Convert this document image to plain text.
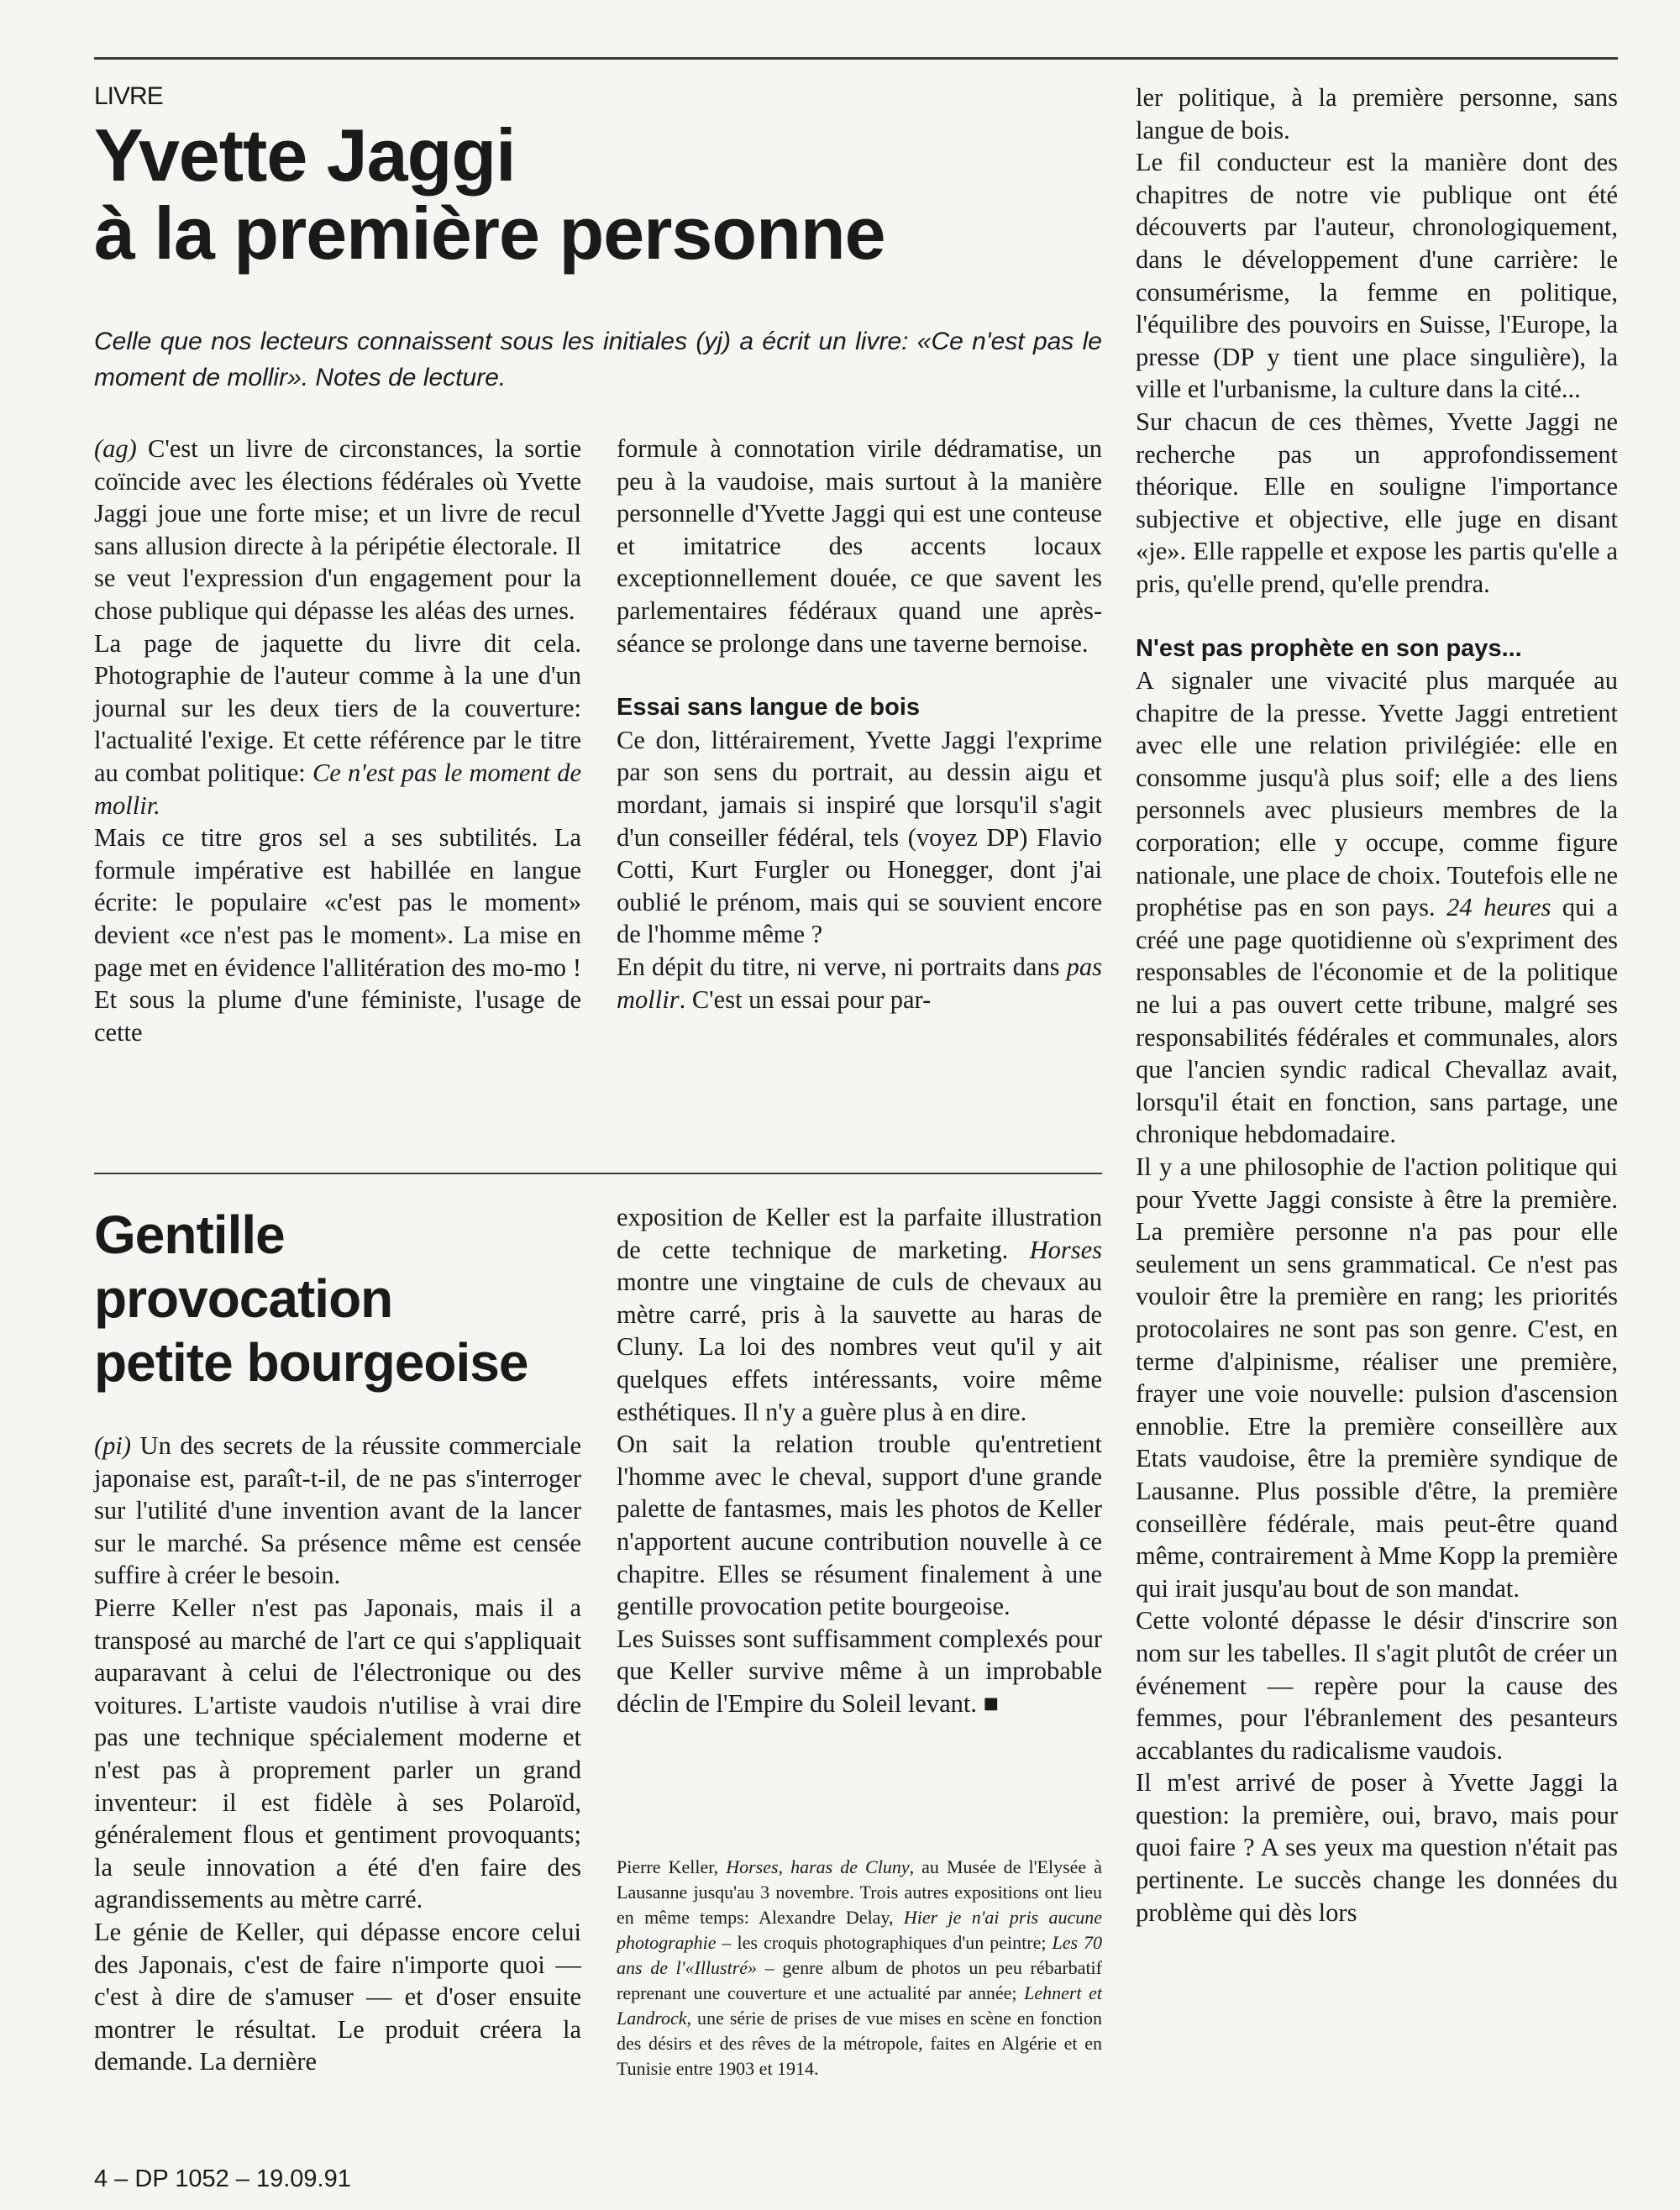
LIVRE
Yvette Jaggi
à la première personne
Celle que nos lecteurs connaissent sous les initiales (yj) a écrit un livre: «Ce n'est pas le moment de mollir». Notes de lecture.

(ag) C'est un livre de circonstances, la sortie coïncide avec les élections fédérales où Yvette Jaggi joue une forte mise; et un livre de recul sans allusion directe à la péripétie électorale. Il se veut l'expression d'un engagement pour la chose publique qui dépasse les aléas des urnes.

La page de jaquette du livre dit cela. Photographie de l'auteur comme à la une d'un journal sur les deux tiers de la couverture: l'actualité l'exige. Et cette référence par le titre au combat politique: Ce n'est pas le moment de mollir.

Mais ce titre gros sel a ses subtilités. La formule impérative est habillée en langue écrite: le populaire «c'est pas le moment» devient «ce n'est pas le moment». La mise en page met en évidence l'allitération des mo-mo ! Et sous la plume d'une féministe, l'usage de cette

formule à connotation virile dédramatise, un peu à la vaudoise, mais surtout à la manière personnelle d'Yvette Jaggi qui est une conteuse et imitatrice des accents locaux exceptionnellement douée, ce que savent les parlementaires fédéraux quand une après-séance se prolonge dans une taverne bernoise.

Essai sans langue de bois

Ce don, littérairement, Yvette Jaggi l'exprime par son sens du portrait, au dessin aigu et mordant, jamais si inspiré que lorsqu'il s'agit d'un conseiller fédéral, tels (voyez DP) Flavio Cotti, Kurt Furgler ou Honegger, dont j'ai oublié le prénom, mais qui se souvient encore de l'homme même ?

En dépit du titre, ni verve, ni portraits dans pas mollir. C'est un essai pour par-

ler politique, à la première personne, sans langue de bois.

Le fil conducteur est la manière dont des chapitres de notre vie publique ont été découverts par l'auteur, chronologiquement, dans le développement d'une carrière: le consumérisme, la femme en politique, l'équilibre des pouvoirs en Suisse, l'Europe, la presse (DP y tient une place singulière), la ville et l'urbanisme, la culture dans la cité...

Sur chacun de ces thèmes, Yvette Jaggi ne recherche pas un approfondissement théorique. Elle en souligne l'importance subjective et objective, elle juge en disant «je». Elle rappelle et expose les partis qu'elle a pris, qu'elle prend, qu'elle prendra.

N'est pas prophète en son pays...

A signaler une vivacité plus marquée au chapitre de la presse. Yvette Jaggi entretient avec elle une relation privilégiée: elle en consomme jusqu'à plus soif; elle a des liens personnels avec plusieurs membres de la corporation; elle y occupe, comme figure nationale, une place de choix. Toutefois elle ne prophétise pas en son pays. 24 heures qui a créé une page quotidienne où s'expriment des responsables de l'économie et de la politique ne lui a pas ouvert cette tribune, malgré ses responsabilités fédérales et communales, alors que l'ancien syndic radical Chevallaz avait, lorsqu'il était en fonction, sans partage, une chronique hebdomadaire.

Il y a une philosophie de l'action politique qui pour Yvette Jaggi consiste à être la première. La première personne n'a pas pour elle seulement un sens grammatical. Ce n'est pas vouloir être la première en rang; les priorités protocolaires ne sont pas son genre. C'est, en terme d'alpinisme, réaliser une première, frayer une voie nouvelle: pulsion d'ascension ennoblie. Etre la première conseillère aux Etats vaudoise, être la première syndique de Lausanne. Plus possible d'être, la première conseillère fédérale, mais peut-être quand même, contrairement à Mme Kopp la première qui irait jusqu'au bout de son mandat.

Cette volonté dépasse le désir d'inscrire son nom sur les tabelles. Il s'agit plutôt de créer un événement — repère pour la cause des femmes, pour l'ébranlement des pesanteurs accablantes du radicalisme vaudois.

Il m'est arrivé de poser à Yvette Jaggi la question: la première, oui, bravo, mais pour quoi faire ? A ses yeux ma question n'était pas pertinente. Le succès change les données du problème qui dès lors

Gentille
provocation
petite bourgeoise

(pi) Un des secrets de la réussite commerciale japonaise est, paraît-t-il, de ne pas s'interroger sur l'utilité d'une invention avant de la lancer sur le marché. Sa présence même est censée suffire à créer le besoin.

Pierre Keller n'est pas Japonais, mais il a transposé au marché de l'art ce qui s'appliquait auparavant à celui de l'électronique ou des voitures. L'artiste vaudois n'utilise à vrai dire pas une technique spécialement moderne et n'est pas à proprement parler un grand inventeur: il est fidèle à ses Polaroïd, généralement flous et gentiment provoquants; la seule innovation a été d'en faire des agrandissements au mètre carré.

Le génie de Keller, qui dépasse encore celui des Japonais, c'est de faire n'importe quoi — c'est à dire de s'amuser — et d'oser ensuite montrer le résultat. Le produit créera la demande. La dernière

exposition de Keller est la parfaite illustration de cette technique de marketing. Horses montre une vingtaine de culs de chevaux au mètre carré, pris à la sauvette au haras de Cluny. La loi des nombres veut qu'il y ait quelques effets intéressants, voire même esthétiques. Il n'y a guère plus à en dire.

On sait la relation trouble qu'entretient l'homme avec le cheval, support d'une grande palette de fantasmes, mais les photos de Keller n'apportent aucune contribution nouvelle à ce chapitre. Elles se résument finalement à une gentille provocation petite bourgeoise.

Les Suisses sont suffisamment complexés pour que Keller survive même à un improbable déclin de l'Empire du Soleil levant. ■

Pierre Keller, Horses, haras de Cluny, au Musée de l'Elysée à Lausanne jusqu'au 3 novembre. Trois autres expositions ont lieu en même temps: Alexandre Delay, Hier je n'ai pris aucune photographie – les croquis photographiques d'un peintre; Les 70 ans de l'«Illustré» – genre album de photos un peu rébarbatif reprenant une couverture et une actualité par année; Lehnert et Landrock, une série de prises de vue mises en scène en fonction des désirs et des rêves de la métropole, faites en Algérie et en Tunisie entre 1903 et 1914.
4 – DP 1052 – 19.09.91
